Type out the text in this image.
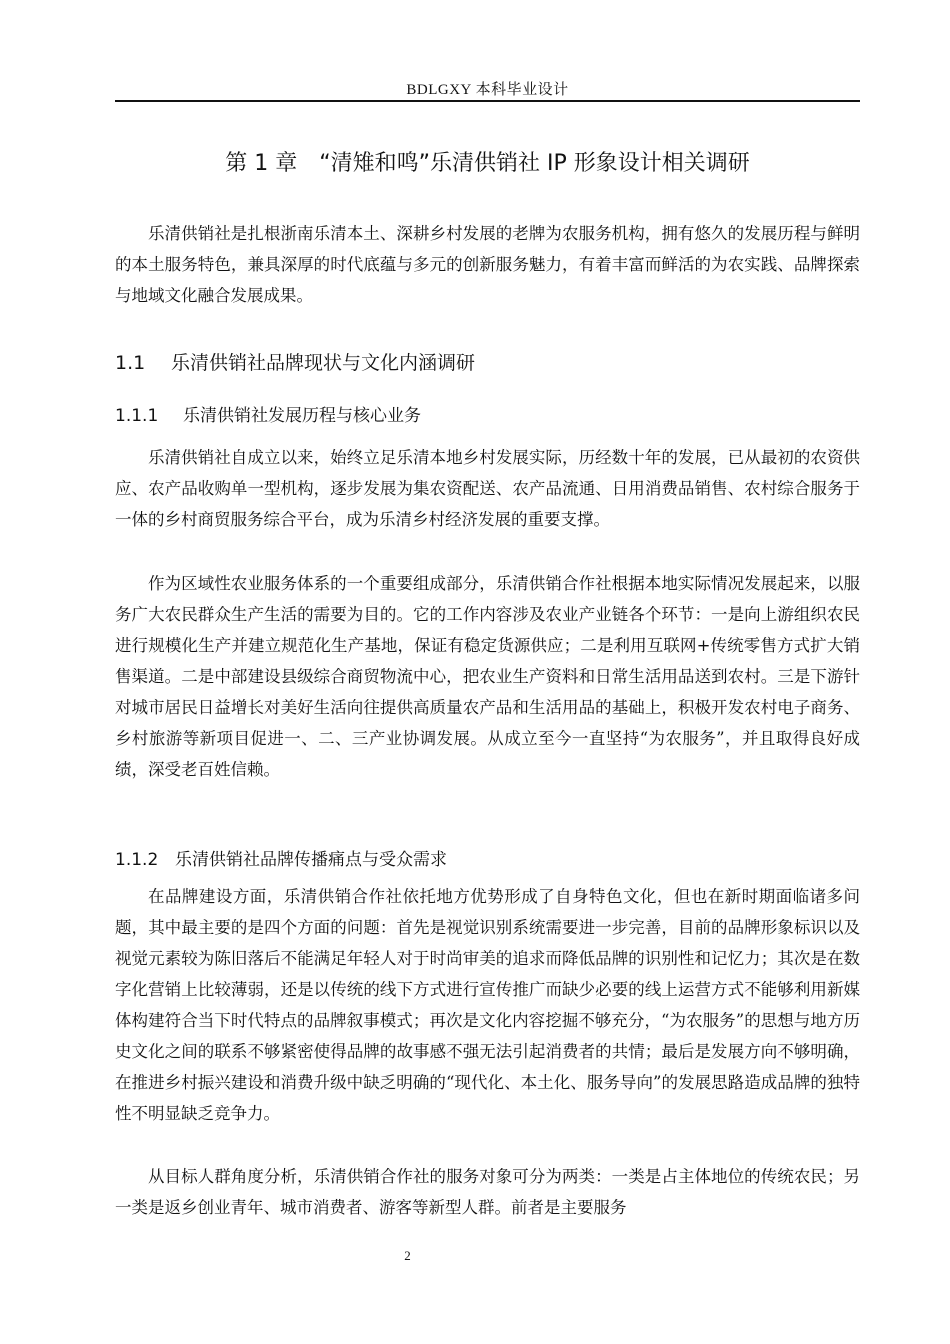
BDLGXY 本科毕业设计
第 1 章　“清雉和鸣”乐清供销社 IP 形象设计相关调研

乐清供销社是扎根浙南乐清本土、深耕乡村发展的老牌为农服务机构，拥有悠久的发展历程与鲜明的本土服务特色，兼具深厚的时代底蕴与多元的创新服务魅力，有着丰富而鲜活的为农实践、品牌探索与地域文化融合发展成果。

1.1 乐清供销社品牌现状与文化内涵调研
1.1.1 乐清供销社发展历程与核心业务

乐清供销社自成立以来，始终立足乐清本地乡村发展实际，历经数十年的发展，已从最初的农资供应、农产品收购单一型机构，逐步发展为集农资配送、农产品流通、日用消费品销售、农村综合服务于一体的乡村商贸服务综合平台，成为乐清乡村经济发展的重要支撑。

作为区域性农业服务体系的一个重要组成部分，乐清供销合作社根据本地实际情况发展起来，以服务广大农民群众生产生活的需要为目的。它的工作内容涉及农业产业链各个环节：一是向上游组织农民进行规模化生产并建立规范化生产基地，保证有稳定货源供应；二是利用互联网+传统零售方式扩大销售渠道。二是中部建设县级综合商贸物流中心，把农业生产资料和日常生活用品送到农村。三是下游针对城市居民日益增长对美好生活向往提供高质量农产品和生活用品的基础上，积极开发农村电子商务、乡村旅游等新项目促进一、二、三产业协调发展。从成立至今一直坚持“为农服务”，并且取得良好成绩，深受老百姓信赖。

1.1.2 乐清供销社品牌传播痛点与受众需求

在品牌建设方面，乐清供销合作社依托地方优势形成了自身特色文化，但也在新时期面临诸多问题，其中最主要的是四个方面的问题：首先是视觉识别系统需要进一步完善，目前的品牌形象标识以及视觉元素较为陈旧落后不能满足年轻人对于时尚审美的追求而降低品牌的识别性和记忆力；其次是在数字化营销上比较薄弱，还是以传统的线下方式进行宣传推广而缺少必要的线上运营方式不能够利用新媒体构建符合当下时代特点的品牌叙事模式；再次是文化内容挖掘不够充分，“为农服务”的思想与地方历史文化之间的联系不够紧密使得品牌的故事感不强无法引起消费者的共情；最后是发展方向不够明确，在推进乡村振兴建设和消费升级中缺乏明确的“现代化、本土化、服务导向”的发展思路造成品牌的独特性不明显缺乏竞争力。

从目标人群角度分析，乐清供销合作社的服务对象可分为两类：一类是占主体地位的传统农民；另一类是返乡创业青年、城市消费者、游客等新型人群。前者是主要服务

2
